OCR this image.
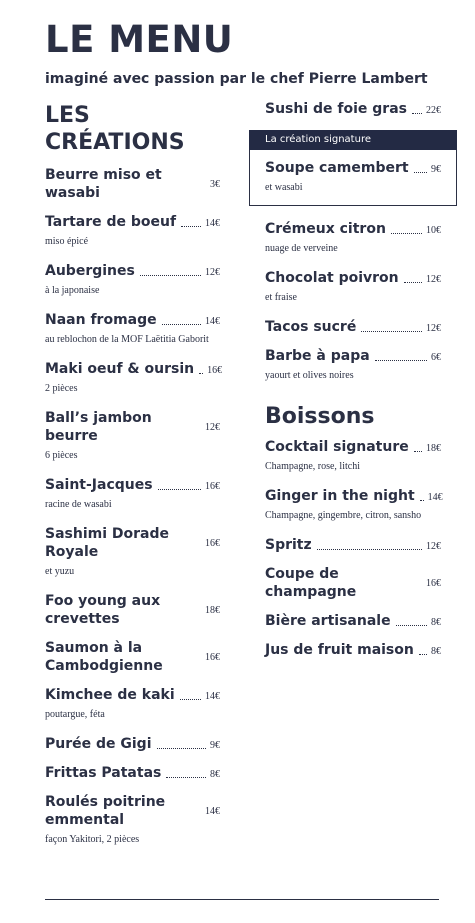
LE MENU
imaginé avec passion par le chef Pierre Lambert
LES CRÉATIONS
Beurre miso et wasabi
3€
Tartare de boeuf	14€
miso épicé
Aubergines	12€
à la japonaise
Naan fromage	14€
au reblochon de la MOF Laëtitia Gaborit
Maki oeuf & oursin 16€
2 pièces
Ball’s jambon beurre
12€
6 pièces
Saint-Jacques	16€
racine de wasabi
Sashimi Dorade Royale
16€
et yuzu
Foo young aux crevettes
18€
Saumon à la Cambodgienne
16€
Kimchee de kaki	14€
poutargue, féta
Purée de Gigi	9€
Frittas Patatas	8€
Roulés poitrine emmental
14€
façon Yakitori, 2 pièces
Sushi de foie gras 22€
La création signature
Soupe camembert 9€
et wasabi
Crémeux citron	10€
nuage de verveine
Chocolat poivron	12€
et fraise
Tacos sucré	12€
Barbe à papa	6€
yaourt et olives noires
Boissons
Cocktail signature 18€
Champagne, rose, litchi
Ginger in the night 14€
Champagne, gingembre, citron, sansho
Spritz	12€
Coupe de champagne
16€
Bière artisanale	8€
Jus de fruit maison 8€
